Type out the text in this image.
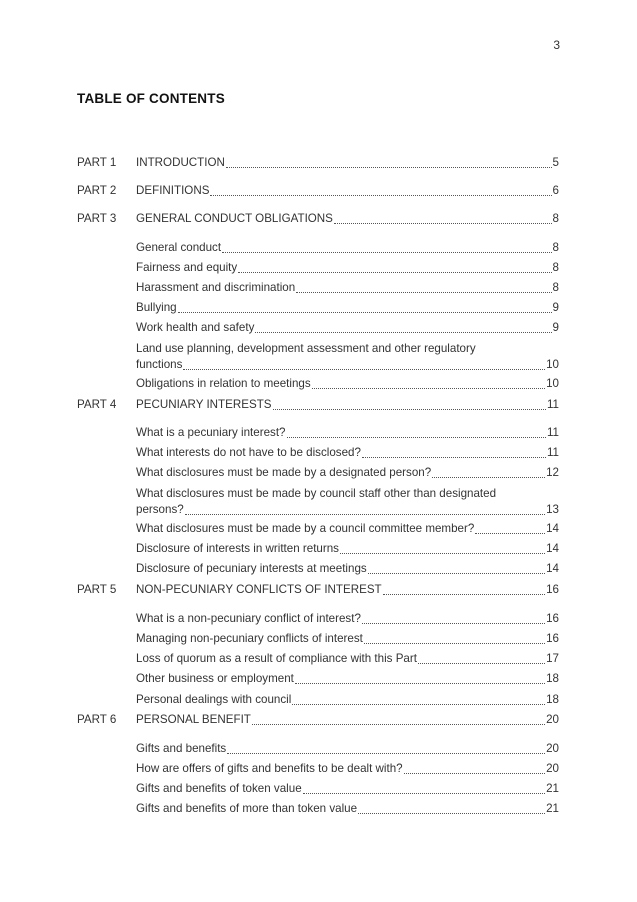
3
TABLE OF CONTENTS
PART 1 INTRODUCTION	5
PART 2 DEFINITIONS	6
PART 3 GENERAL CONDUCT OBLIGATIONS	8
General conduct	8
Fairness and equity	8
Harassment and discrimination	8
Bullying	9
Work health and safety	9
Land use planning, development assessment and other regulatory
functions	10
Obligations in relation to meetings	10
PART 4 PECUNIARY INTERESTS	11
What is a pecuniary interest?	11
What interests do not have to be disclosed?	11
What disclosures must be made by a designated person?	12
What disclosures must be made by council staff other than designated
persons?	13
What disclosures must be made by a council committee member?	14
Disclosure of interests in written returns	14
Disclosure of pecuniary interests at meetings	14
PART 5 NON-PECUNIARY CONFLICTS OF INTEREST	16
What is a non-pecuniary conflict of interest?	16
Managing non-pecuniary conflicts of interest	16
Loss of quorum as a result of compliance with this Part	17
Other business or employment	18
Personal dealings with council	18
PART 6 PERSONAL BENEFIT	20
Gifts and benefits	20
How are offers of gifts and benefits to be dealt with?	20
Gifts and benefits of token value	21
Gifts and benefits of more than token value	21
